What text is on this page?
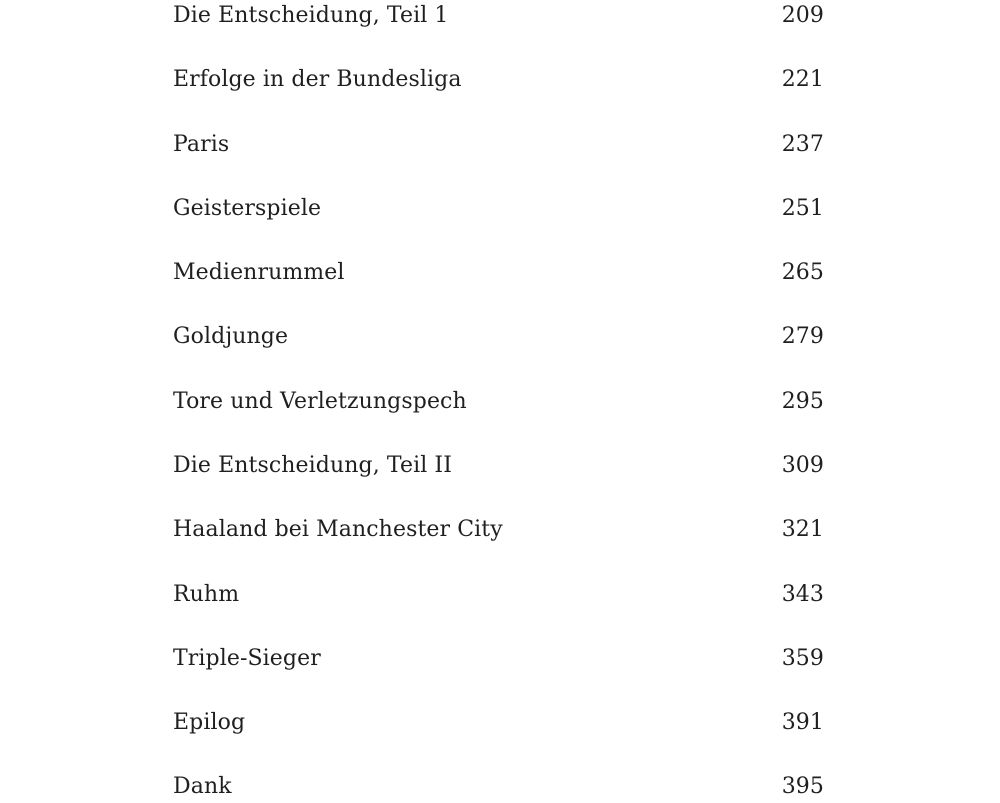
Die Entscheidung, Teil 1	209
Erfolge in der Bundesliga	221
Paris	237
Geisterspiele	251
Medienrummel	265
Goldjunge	279
Tore und Verletzungspech	295
Die Entscheidung, Teil II	309
Haaland bei Manchester City	321
Ruhm	343
Triple-Sieger	359
Epilog	391
Dank	395
